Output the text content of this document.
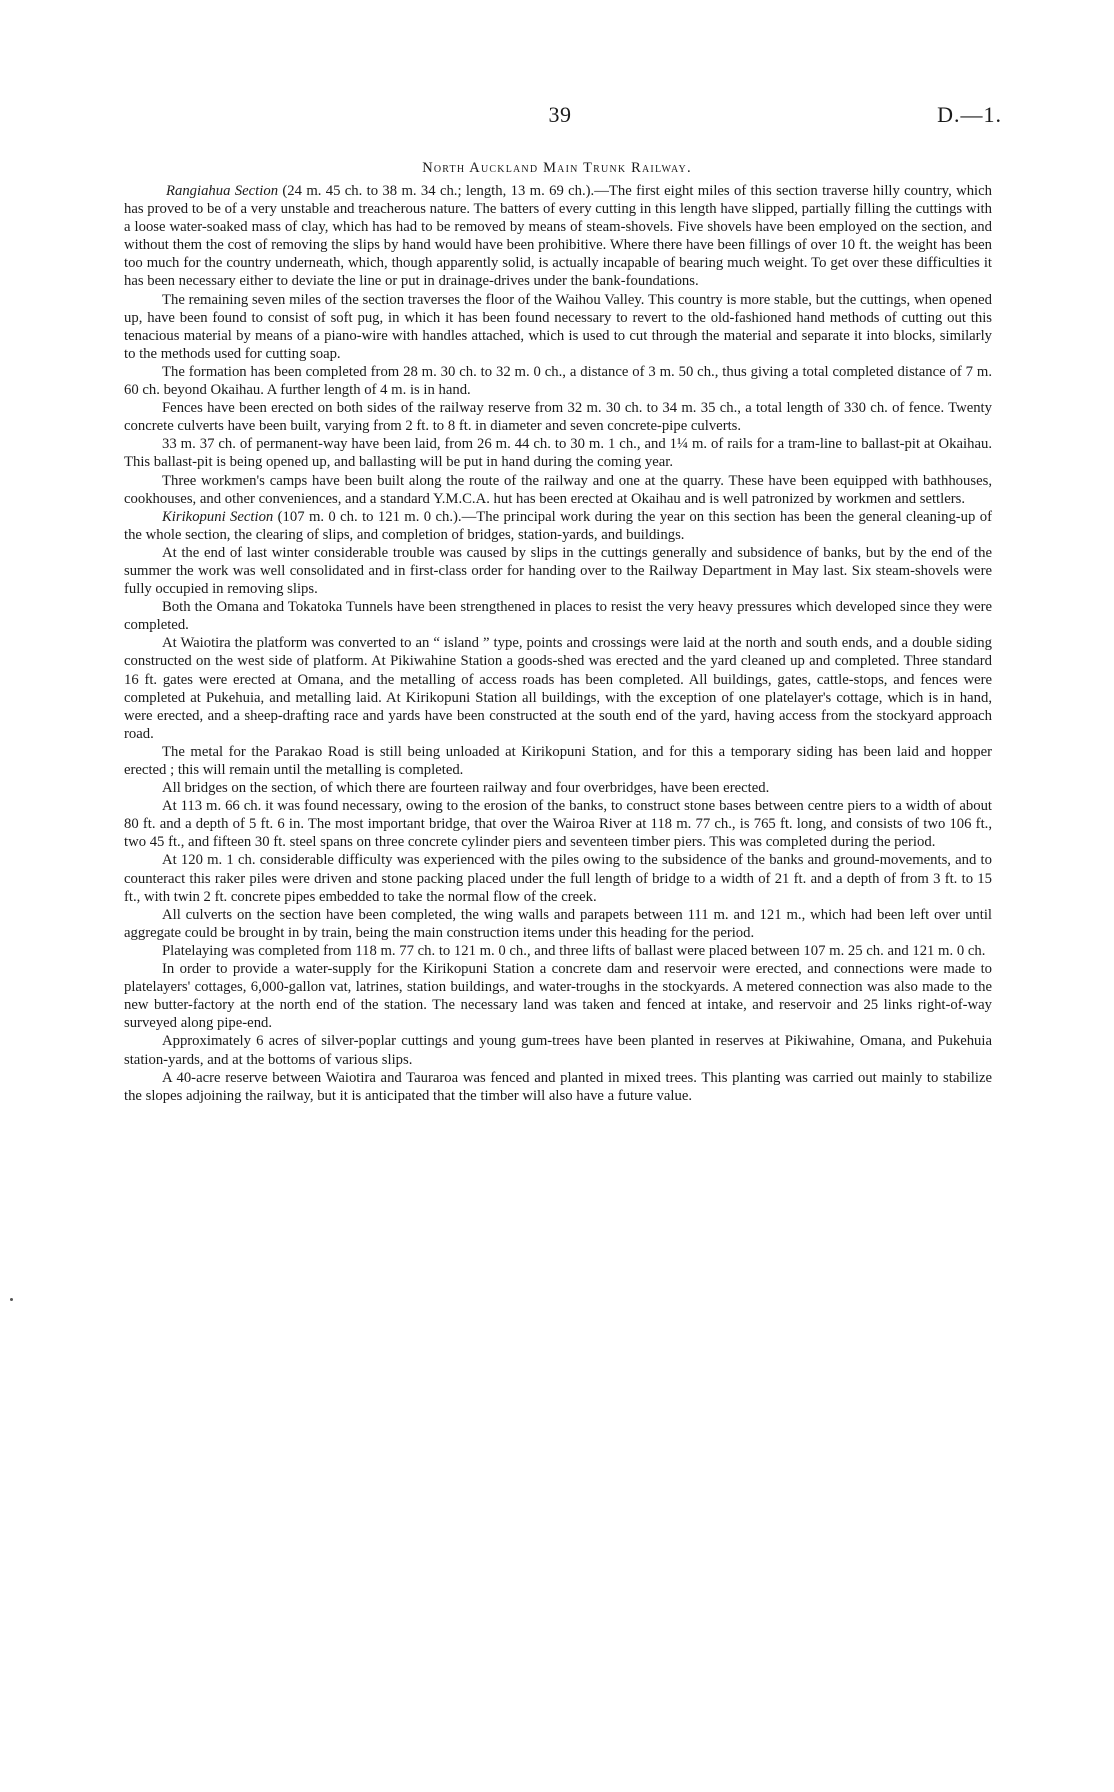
39	D.—1.
North Auckland Main Trunk Railway.

Rangiahua Section (24 m. 45 ch. to 38 m. 34 ch.; length, 13 m. 69 ch.).—The first eight miles of this section traverse hilly country, which has proved to be of a very unstable and treacherous nature. The batters of every cutting in this length have slipped, partially filling the cuttings with a loose water-soaked mass of clay, which has had to be removed by means of steam-shovels. Five shovels have been employed on the section, and without them the cost of removing the slips by hand would have been prohibitive. Where there have been fillings of over 10 ft. the weight has been too much for the country underneath, which, though apparently solid, is actually incapable of bearing much weight. To get over these difficulties it has been necessary either to deviate the line or put in drainage-drives under the bank-foundations.

The remaining seven miles of the section traverses the floor of the Waihou Valley. This country is more stable, but the cuttings, when opened up, have been found to consist of soft pug, in which it has been found necessary to revert to the old-fashioned hand methods of cutting out this tenacious material by means of a piano-wire with handles attached, which is used to cut through the material and separate it into blocks, similarly to the methods used for cutting soap.

The formation has been completed from 28 m. 30 ch. to 32 m. 0 ch., a distance of 3 m. 50 ch., thus giving a total completed distance of 7 m. 60 ch. beyond Okaihau. A further length of 4 m. is in hand.

Fences have been erected on both sides of the railway reserve from 32 m. 30 ch. to 34 m. 35 ch., a total length of 330 ch. of fence. Twenty concrete culverts have been built, varying from 2 ft. to 8 ft. in diameter and seven concrete-pipe culverts.

33 m. 37 ch. of permanent-way have been laid, from 26 m. 44 ch. to 30 m. 1 ch., and 1¼ m. of rails for a tram-line to ballast-pit at Okaihau. This ballast-pit is being opened up, and ballasting will be put in hand during the coming year.

Three workmen's camps have been built along the route of the railway and one at the quarry. These have been equipped with bathhouses, cookhouses, and other conveniences, and a standard Y.M.C.A. hut has been erected at Okaihau and is well patronized by workmen and settlers.

Kirikopuni Section (107 m. 0 ch. to 121 m. 0 ch.).—The principal work during the year on this section has been the general cleaning-up of the whole section, the clearing of slips, and completion of bridges, station-yards, and buildings.

At the end of last winter considerable trouble was caused by slips in the cuttings generally and subsidence of banks, but by the end of the summer the work was well consolidated and in first-class order for handing over to the Railway Department in May last. Six steam-shovels were fully occupied in removing slips.

Both the Omana and Tokatoka Tunnels have been strengthened in places to resist the very heavy pressures which developed since they were completed.

At Waiotira the platform was converted to an “ island ” type, points and crossings were laid at the north and south ends, and a double siding constructed on the west side of platform. At Pikiwahine Station a goods-shed was erected and the yard cleaned up and completed. Three standard 16 ft. gates were erected at Omana, and the metalling of access roads has been completed. All buildings, gates, cattle-stops, and fences were completed at Pukehuia, and metalling laid. At Kirikopuni Station all buildings, with the exception of one platelayer's cottage, which is in hand, were erected, and a sheep-drafting race and yards have been constructed at the south end of the yard, having access from the stockyard approach road.

The metal for the Parakao Road is still being unloaded at Kirikopuni Station, and for this a temporary siding has been laid and hopper erected ; this will remain until the metalling is completed.

All bridges on the section, of which there are fourteen railway and four overbridges, have been erected.

At 113 m. 66 ch. it was found necessary, owing to the erosion of the banks, to construct stone bases between centre piers to a width of about 80 ft. and a depth of 5 ft. 6 in. The most important bridge, that over the Wairoa River at 118 m. 77 ch., is 765 ft. long, and consists of two 106 ft., two 45 ft., and fifteen 30 ft. steel spans on three concrete cylinder piers and seventeen timber piers. This was completed during the period.

At 120 m. 1 ch. considerable difficulty was experienced with the piles owing to the subsidence of the banks and ground-movements, and to counteract this raker piles were driven and stone packing placed under the full length of bridge to a width of 21 ft. and a depth of from 3 ft. to 15 ft., with twin 2 ft. concrete pipes embedded to take the normal flow of the creek.

All culverts on the section have been completed, the wing walls and parapets between 111 m. and 121 m., which had been left over until aggregate could be brought in by train, being the main construction items under this heading for the period.

Platelaying was completed from 118 m. 77 ch. to 121 m. 0 ch., and three lifts of ballast were placed between 107 m. 25 ch. and 121 m. 0 ch.

In order to provide a water-supply for the Kirikopuni Station a concrete dam and reservoir were erected, and connections were made to platelayers' cottages, 6,000-gallon vat, latrines, station buildings, and water-troughs in the stockyards. A metered connection was also made to the new butter-factory at the north end of the station. The necessary land was taken and fenced at intake, and reservoir and 25 links right-of-way surveyed along pipe-end.

Approximately 6 acres of silver-poplar cuttings and young gum-trees have been planted in reserves at Pikiwahine, Omana, and Pukehuia station-yards, and at the bottoms of various slips.

A 40-acre reserve between Waiotira and Tauraroa was fenced and planted in mixed trees. This planting was carried out mainly to stabilize the slopes adjoining the railway, but it is anticipated that the timber will also have a future value.
